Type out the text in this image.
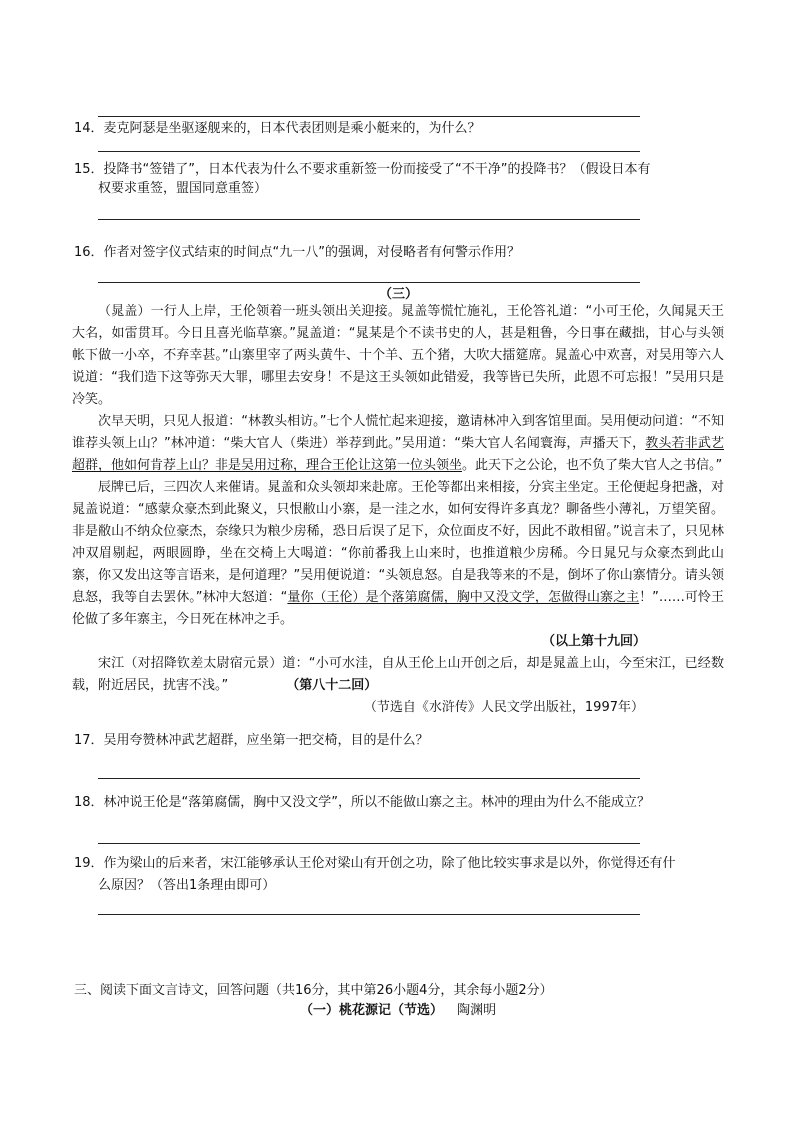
14．麦克阿瑟是坐驱逐舰来的，日本代表团则是乘小艇来的，为什么？
15．投降书“签错了”，日本代表为什么不要求重新签一份而接受了“不干净”的投降书？（假设日本有
权要求重签，盟国同意重签）
16．作者对签字仪式结束的时间点“九一八”的强调，对侵略者有何警示作用？
（三）

（晁盖）一行人上岸，王伦领着一班头领出关迎接。晁盖等慌忙施礼，王伦答礼道：“小可王伦，久闻晁天王大名，如雷贯耳。今日且喜光临草寨。”晁盖道：“晁某是个不读书史的人，甚是粗鲁，今日事在藏拙，甘心与头领帐下做一小卒，不弃幸甚。”山寨里宰了两头黄牛、十个羊、五个猪，大吹大擂筵席。晁盖心中欢喜，对吴用等六人说道：“我们造下这等弥天大罪，哪里去安身！不是这王头领如此错爱，我等皆已失所，此恩不可忘报！”吴用只是冷笑。

次早天明，只见人报道：“林教头相访。”七个人慌忙起来迎接，邀请林冲入到客馆里面。吴用便动问道：“不知谁荐头领上山？”林冲道：“柴大官人（柴进）举荐到此。”吴用道：“柴大官人名闻寰海，声播天下，教头若非武艺超群，他如何肯荐上山？非是吴用过称，理合王伦让这第一位头领坐。此天下之公论，也不负了柴大官人之书信。”

辰牌已后，三四次人来催请。晁盖和众头领却来赴席。王伦等都出来相接，分宾主坐定。王伦便起身把盏，对晁盖说道：“感蒙众豪杰到此聚义，只恨敝山小寨，是一洼之水，如何安得许多真龙？聊备些小薄礼，万望笑留。非是敝山不纳众位豪杰，奈缘只为粮少房稀，恐日后误了足下，众位面皮不好，因此不敢相留。”说言未了，只见林冲双眉剔起，两眼圆睁，坐在交椅上大喝道：“你前番我上山来时，也推道粮少房稀。今日晁兄与众豪杰到此山寨，你又发出这等言语来，是何道理？”吴用便说道：“头领息怒。自是我等来的不是，倒坏了你山寨情分。请头领息怒，我等自去罢休。”林冲大怒道：“量你（王伦）是个落第腐儒，胸中又没文学，怎做得山寨之主！”……可怜王伦做了多年寨主，今日死在林冲之手。

（以上第十九回）

宋江（对招降钦差太尉宿元景）道：“小可水洼，自从王伦上山开创之后，却是晁盖上山，今至宋江，已经数载，附近居民，扰害不浅。”	（第八十二回）

（节选自《水浒传》人民文学出版社，1997年）

17．吴用夸赞林冲武艺超群，应坐第一把交椅，目的是什么？
18．林冲说王伦是“落第腐儒，胸中又没文学”，所以不能做山寨之主。林冲的理由为什么不能成立？
19．作为梁山的后来者，宋江能够承认王伦对梁山有开创之功，除了他比较实事求是以外，你觉得还有什
么原因？（答出1条理由即可）
三、阅读下面文言诗文，回答问题（共16分，其中第26小题4分，其余每小题2分）
（一）桃花源记（节选） 陶渊明
